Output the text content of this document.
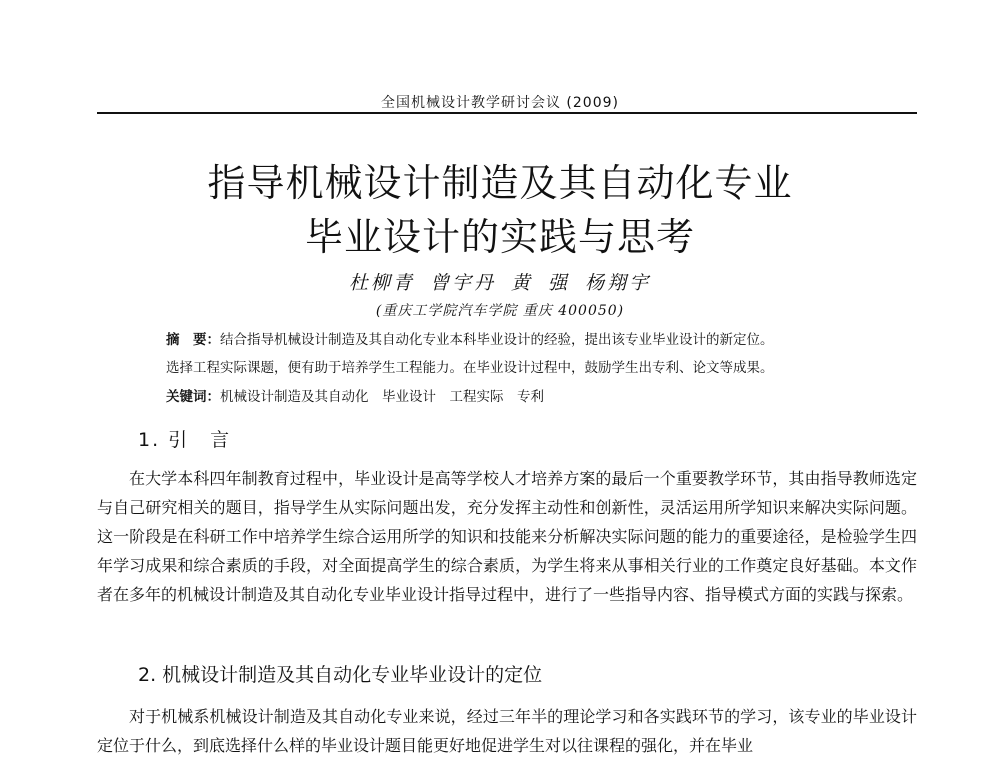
全国机械设计教学研讨会议 (2009)
指导机械设计制造及其自动化专业
毕业设计的实践与思考
杜柳青 曾宇丹 黄 强 杨翔宇
(重庆工学院汽车学院 重庆 400050)
摘　要：结合指导机械设计制造及其自动化专业本科毕业设计的经验，提出该专业毕业设计的新定位。
选择工程实际课题，便有助于培养学生工程能力。在毕业设计过程中，鼓励学生出专利、论文等成果。
关键词：机械设计制造及其自动化　毕业设计　工程实际　专利
1. 引　言

在大学本科四年制教育过程中，毕业设计是高等学校人才培养方案的最后一个重要教学环节，其由指导教师选定与自己研究相关的题目，指导学生从实际问题出发，充分发挥主动性和创新性，灵活运用所学知识来解决实际问题。这一阶段是在科研工作中培养学生综合运用所学的知识和技能来分析解决实际问题的能力的重要途径，是检验学生四年学习成果和综合素质的手段，对全面提高学生的综合素质，为学生将来从事相关行业的工作奠定良好基础。本文作者在多年的机械设计制造及其自动化专业毕业设计指导过程中，进行了一些指导内容、指导模式方面的实践与探索。

2. 机械设计制造及其自动化专业毕业设计的定位

对于机械系机械设计制造及其自动化专业来说，经过三年半的理论学习和各实践环节的学习，该专业的毕业设计定位于什么，到底选择什么样的毕业设计题目能更好地促进学生对以往课程的强化，并在毕业
